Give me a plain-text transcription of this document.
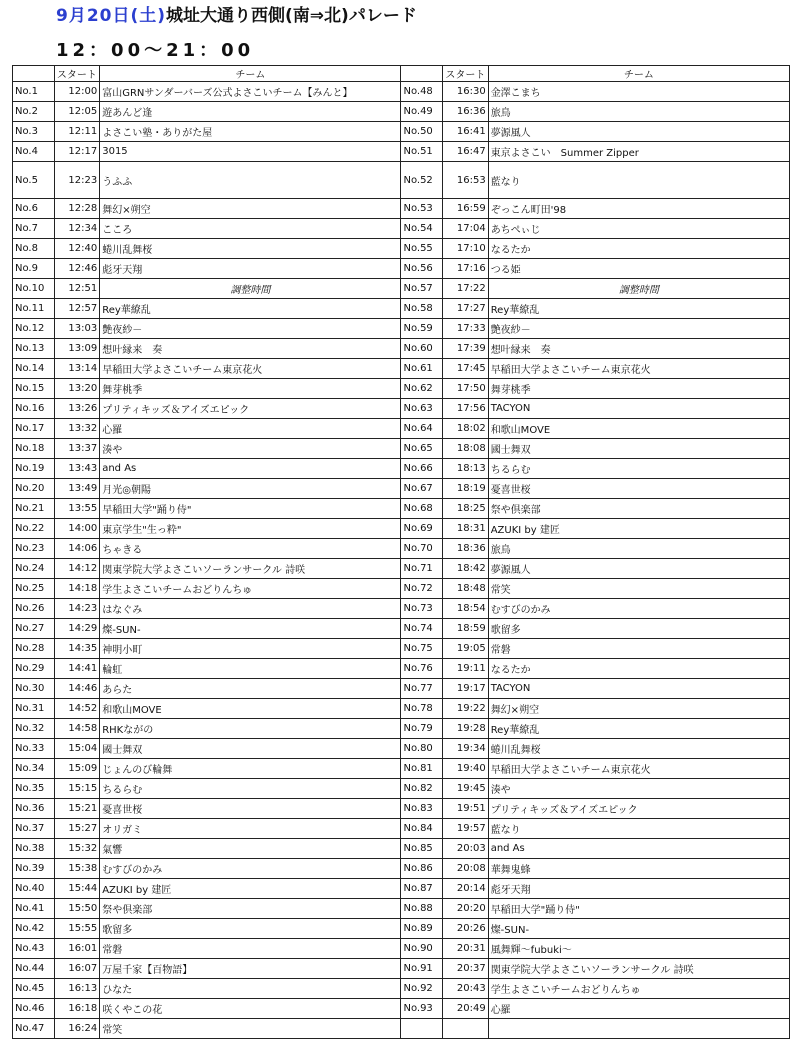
9月20日(土)城址大通り西側(南⇒北)パレード
12：00～21：00
	スタート	チーム		スタート	チーム
No.1	12:00	富山GRNサンダーバーズ公式よさこいチーム【みんと】	No.48	16:30	金澤こまち
No.2	12:05	遊あんど逢	No.49	16:36	旅鳥
No.3	12:11	よさこい塾・ありがた屋	No.50	16:41	夢源風人
No.4	12:17	3015	No.51	16:47	東京よさこい　Summer Zipper
No.5	12:23	うふふ	No.52	16:53	藍なり
No.6	12:28	舞幻×朔空	No.53	16:59	ぞっこん町田'98
No.7	12:34	こころ	No.54	17:04	あちぺぃじ
No.8	12:40	蜷川乱舞桜	No.55	17:10	なるたか
No.9	12:46	彪牙天翔	No.56	17:16	つる姫
No.10	12:51	調整時間	No.57	17:22	調整時間
No.11	12:57	Rey華繚乱	No.58	17:27	Rey華繚乱
No.12	13:03	艶夜紗－	No.59	17:33	艶夜紗－
No.13	13:09	想叶縁来　奏	No.60	17:39	想叶縁来　奏
No.14	13:14	早稲田大学よさこいチーム東京花火	No.61	17:45	早稲田大学よさこいチーム東京花火
No.15	13:20	舞芽桃季	No.62	17:50	舞芽桃季
No.16	13:26	プリティキッズ＆アイズエピック	No.63	17:56	TACYON
No.17	13:32	心羅	No.64	18:02	和歌山MOVE
No.18	13:37	湊や	No.65	18:08	國士舞双
No.19	13:43	and As	No.66	18:13	ちるらむ
No.20	13:49	月光◎朝陽	No.67	18:19	憂喜世桜
No.21	13:55	早稲田大学"踊り侍"	No.68	18:25	祭や倶楽部
No.22	14:00	東京学生"生っ粋"	No.69	18:31	AZUKI by 建匠
No.23	14:06	ちゃきる	No.70	18:36	旅鳥
No.24	14:12	関東学院大学よさこいソーランサークル 詩咲	No.71	18:42	夢源風人
No.25	14:18	学生よさこいチームおどりんちゅ	No.72	18:48	常笑
No.26	14:23	はなぐみ	No.73	18:54	むすびのかみ
No.27	14:29	燦-SUN-	No.74	18:59	歌留多
No.28	14:35	神明小町	No.75	19:05	常磐
No.29	14:41	輪虹	No.76	19:11	なるたか
No.30	14:46	あらた	No.77	19:17	TACYON
No.31	14:52	和歌山MOVE	No.78	19:22	舞幻×朔空
No.32	14:58	RHKながの	No.79	19:28	Rey華繚乱
No.33	15:04	國士舞双	No.80	19:34	蜷川乱舞桜
No.34	15:09	じょんのび輪舞	No.81	19:40	早稲田大学よさこいチーム東京花火
No.35	15:15	ちるらむ	No.82	19:45	湊や
No.36	15:21	憂喜世桜	No.83	19:51	プリティキッズ＆アイズエピック
No.37	15:27	オリガミ	No.84	19:57	藍なり
No.38	15:32	氣響	No.85	20:03	and As
No.39	15:38	むすびのかみ	No.86	20:08	華舞鬼蜂
No.40	15:44	AZUKI by 建匠	No.87	20:14	彪牙天翔
No.41	15:50	祭や倶楽部	No.88	20:20	早稲田大学"踊り侍"
No.42	15:55	歌留多	No.89	20:26	燦-SUN-
No.43	16:01	常磐	No.90	20:31	風舞輝～fubuki～
No.44	16:07	万屋千家【百物語】	No.91	20:37	関東学院大学よさこいソーランサークル 詩咲
No.45	16:13	ひなた	No.92	20:43	学生よさこいチームおどりんちゅ
No.46	16:18	咲くやこの花	No.93	20:49	心羅
No.47	16:24	常笑			
